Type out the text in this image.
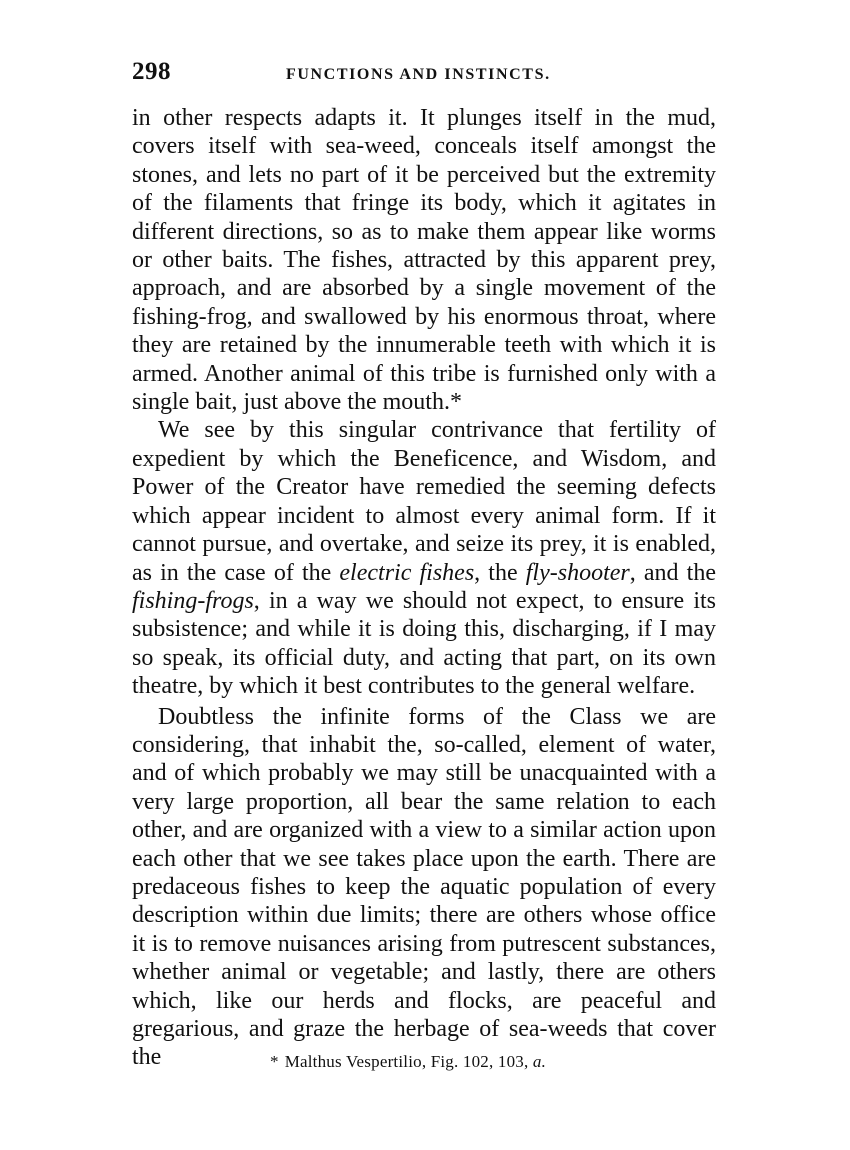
298	FUNCTIONS AND INSTINCTS.

in other respects adapts it. It plunges itself in the mud, covers itself with sea-weed, conceals itself amongst the stones, and lets no part of it be perceived but the extremity of the filaments that fringe its body, which it agitates in different directions, so as to make them appear like worms or other baits. The fishes, attracted by this apparent prey, approach, and are absorbed by a single movement of the fishing-frog, and swallowed by his enormous throat, where they are retained by the innumerable teeth with which it is armed. Another animal of this tribe is furnished only with a single bait, just above the mouth.*

We see by this singular contrivance that fertility of expedient by which the Beneficence, and Wisdom, and Power of the Creator have remedied the seeming defects which appear incident to almost every animal form. If it cannot pursue, and overtake, and seize its prey, it is enabled, as in the case of the electric fishes, the fly-shooter, and the fishing-frogs, in a way we should not expect, to ensure its subsistence; and while it is doing this, discharging, if I may so speak, its official duty, and acting that part, on its own theatre, by which it best contributes to the general welfare.

Doubtless the infinite forms of the Class we are considering, that inhabit the, so-called, element of water, and of which probably we may still be unacquainted with a very large proportion, all bear the same relation to each other, and are organized with a view to a similar action upon each other that we see takes place upon the earth. There are predaceous fishes to keep the aquatic population of every description within due limits; there are others whose office it is to remove nuisances arising from putrescent substances, whether animal or vegetable; and lastly, there are others which, like our herds and flocks, are peaceful and gregarious, and graze the herbage of sea-weeds that cover the	* Malthus Vespertilio, Fig. 102, 103, a.
